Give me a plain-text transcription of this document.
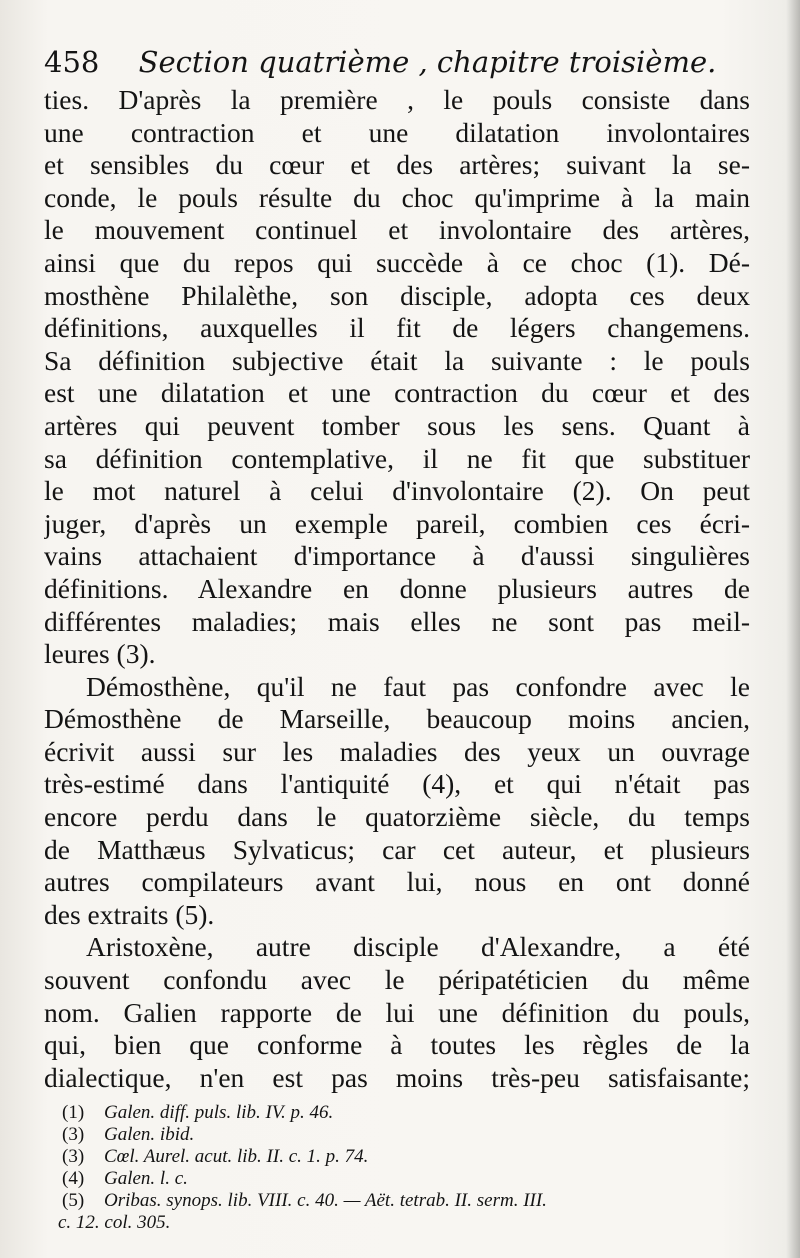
458 Section quatrième , chapitre troisième.
ties. D'après la première , le pouls consiste dans
une contraction et une dilatation involontaires
et sensibles du cœur et des artères; suivant la se-
conde, le pouls résulte du choc qu'imprime à la main
le mouvement continuel et involontaire des artères,
ainsi que du repos qui succède à ce choc (1). Dé-
mosthène Philalèthe, son disciple, adopta ces deux
définitions, auxquelles il fit de légers changemens.
Sa définition subjective était la suivante : le pouls
est une dilatation et une contraction du cœur et des
artères qui peuvent tomber sous les sens. Quant à
sa définition contemplative, il ne fit que substituer
le mot naturel à celui d'involontaire (2). On peut
juger, d'après un exemple pareil, combien ces écri-
vains attachaient d'importance à d'aussi singulières
définitions. Alexandre en donne plusieurs autres de
différentes maladies; mais elles ne sont pas meil-
leures (3).
Démosthène, qu'il ne faut pas confondre avec le
Démosthène de Marseille, beaucoup moins ancien,
écrivit aussi sur les maladies des yeux un ouvrage
très-estimé dans l'antiquité (4), et qui n'était pas
encore perdu dans le quatorzième siècle, du temps
de Matthæus Sylvaticus; car cet auteur, et plusieurs
autres compilateurs avant lui, nous en ont donné
des extraits (5).
Aristoxène, autre disciple d'Alexandre, a été
souvent confondu avec le péripatéticien du même
nom. Galien rapporte de lui une définition du pouls,
qui, bien que conforme à toutes les règles de la
dialectique, n'en est pas moins très-peu satisfaisante;
(1) Galen. diff. puls. lib. IV. p. 46.
(3) Galen. ibid.
(3) Cœl. Aurel. acut. lib. II. c. 1. p. 74.
(4) Galen. l. c.
(5) Oribas. synops. lib. VIII. c. 40. — Aët. tetrab. II. serm. III.
c. 12. col. 305.
